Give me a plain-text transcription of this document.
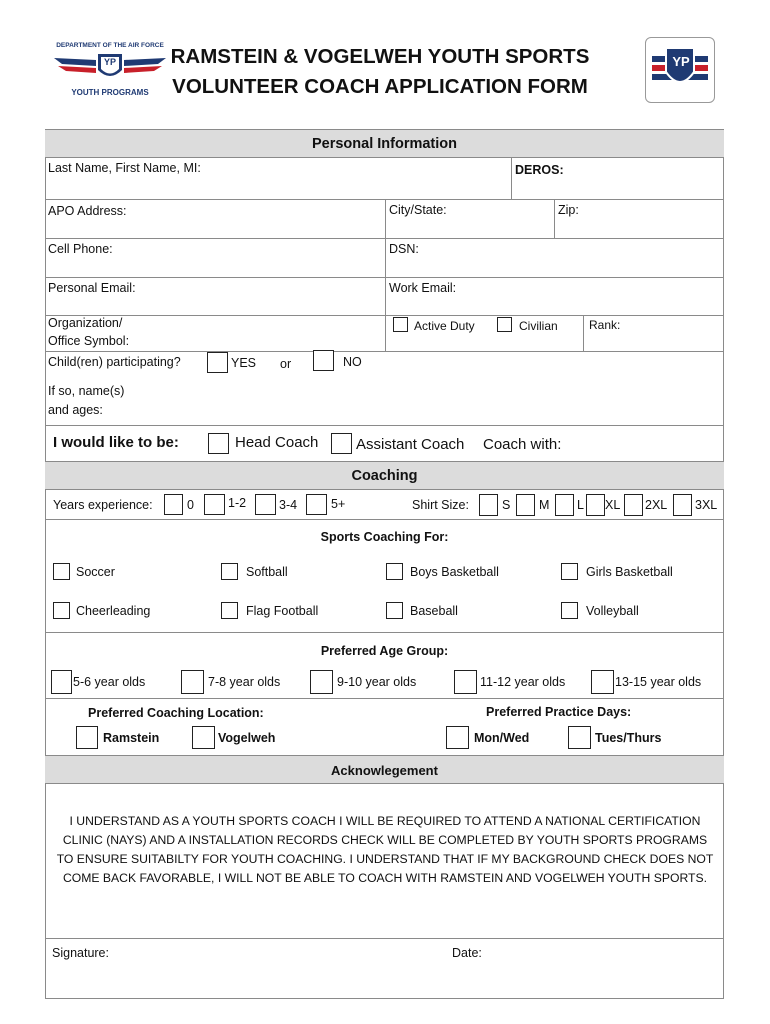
DEPARTMENT OF THE AIR FORCE
YP
YOUTH PROGRAMS
RAMSTEIN & VOGELWEH YOUTH SPORTS
VOLUNTEER COACH APPLICATION FORM
YP
Personal Information
Last Name, First Name, MI:	DEROS:
APO Address:	City/State:	Zip:
Cell Phone:	DSN:
Personal Email:	Work Email:
Organization/
Office Symbol:
Active Duty	Civilian	Rank:
Child(ren) participating?	YES or	NO
If so, name(s)
and ages:
I would like to be:	Head Coach	Assistant Coach Coach with:
Coaching
Years experience:	0	1-2	3-4	5+	Shirt Size:	S M L XL 2XL 3XL
Sports Coaching For:
Soccer	Softball	Boys Basketball	Girls Basketball
Cheerleading	Flag Football	Baseball	Volleyball
Preferred Age Group:
5-6 year olds	7-8 year olds	9-10 year olds	11-12 year olds	13-15 year olds
Preferred Coaching Location:	Preferred Practice Days:
Ramstein	Vogelweh	Mon/Wed	Tues/Thurs
Acknowlegement
I UNDERSTAND AS A YOUTH SPORTS COACH I WILL BE REQUIRED TO ATTEND A NATIONAL CERTIFICATION CLINIC (NAYS) AND A INSTALLATION RECORDS CHECK WILL BE COMPLETED BY YOUTH SPORTS PROGRAMS TO ENSURE SUITABILTY FOR YOUTH COACHING. I UNDERSTAND THAT IF MY BACKGROUND CHECK DOES NOT COME BACK FAVORABLE, I WILL NOT BE ABLE TO COACH WITH RAMSTEIN AND VOGELWEH YOUTH SPORTS.
Signature:	Date:
